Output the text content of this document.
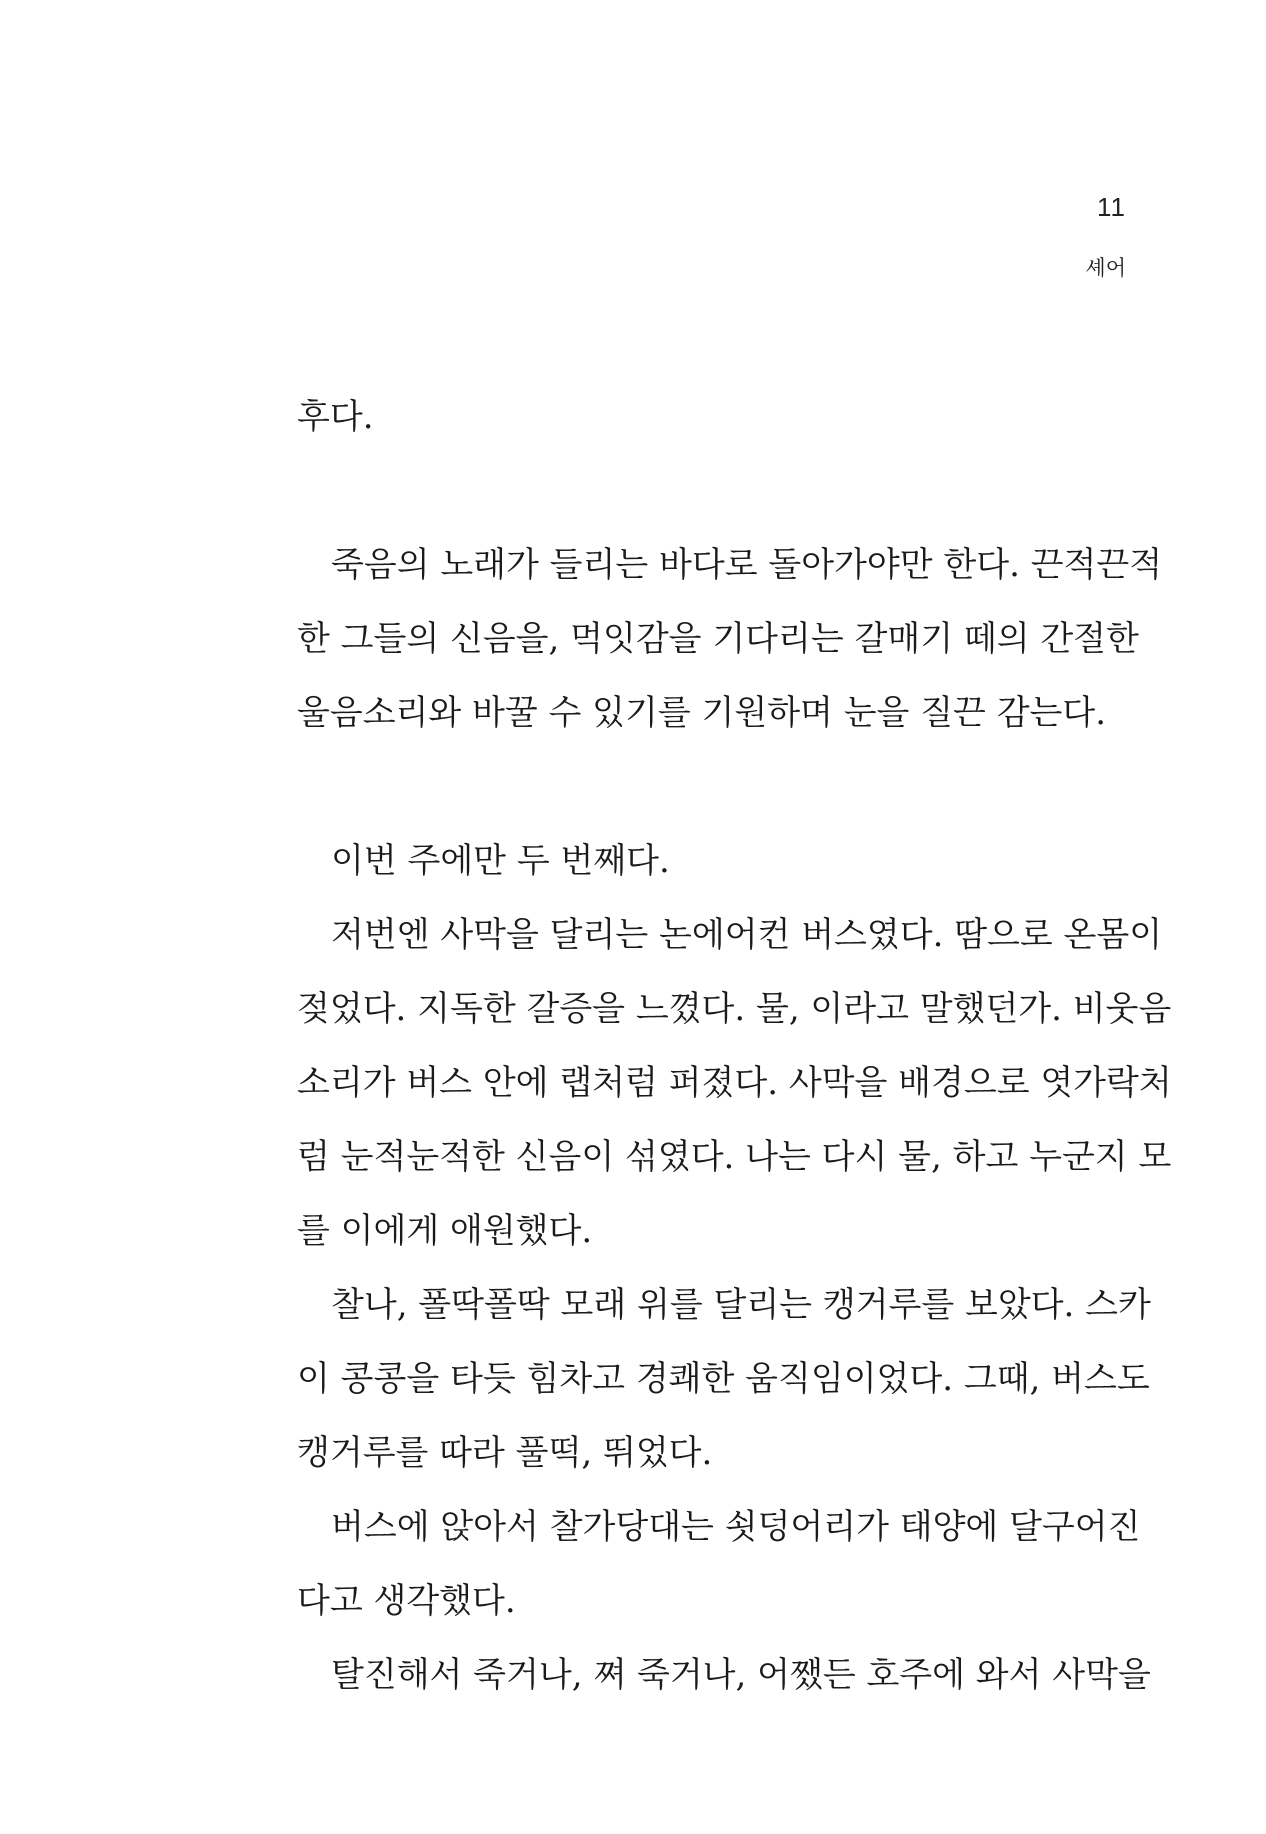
11
셰어
후다.
죽음의 노래가 들리는 바다로 돌아가야만 한다. 끈적끈적
한 그들의 신음을, 먹잇감을 기다리는 갈매기 떼의 간절한
울음소리와 바꿀 수 있기를 기원하며 눈을 질끈 감는다.
이번 주에만 두 번째다.
저번엔 사막을 달리는 논에어컨 버스였다. 땀으로 온몸이
젖었다. 지독한 갈증을 느꼈다. 물, 이라고 말했던가. 비웃음
소리가 버스 안에 랩처럼 퍼졌다. 사막을 배경으로 엿가락처
럼 눈적눈적한 신음이 섞였다. 나는 다시 물, 하고 누군지 모
를 이에게 애원했다.
찰나, 폴딱폴딱 모래 위를 달리는 캥거루를 보았다. 스카
이 콩콩을 타듯 힘차고 경쾌한 움직임이었다. 그때, 버스도
캥거루를 따라 풀떡, 뛰었다.
버스에 앉아서 찰가당대는 쇳덩어리가 태양에 달구어진
다고 생각했다.
탈진해서 죽거나, 쪄 죽거나, 어쨌든 호주에 와서 사막을
